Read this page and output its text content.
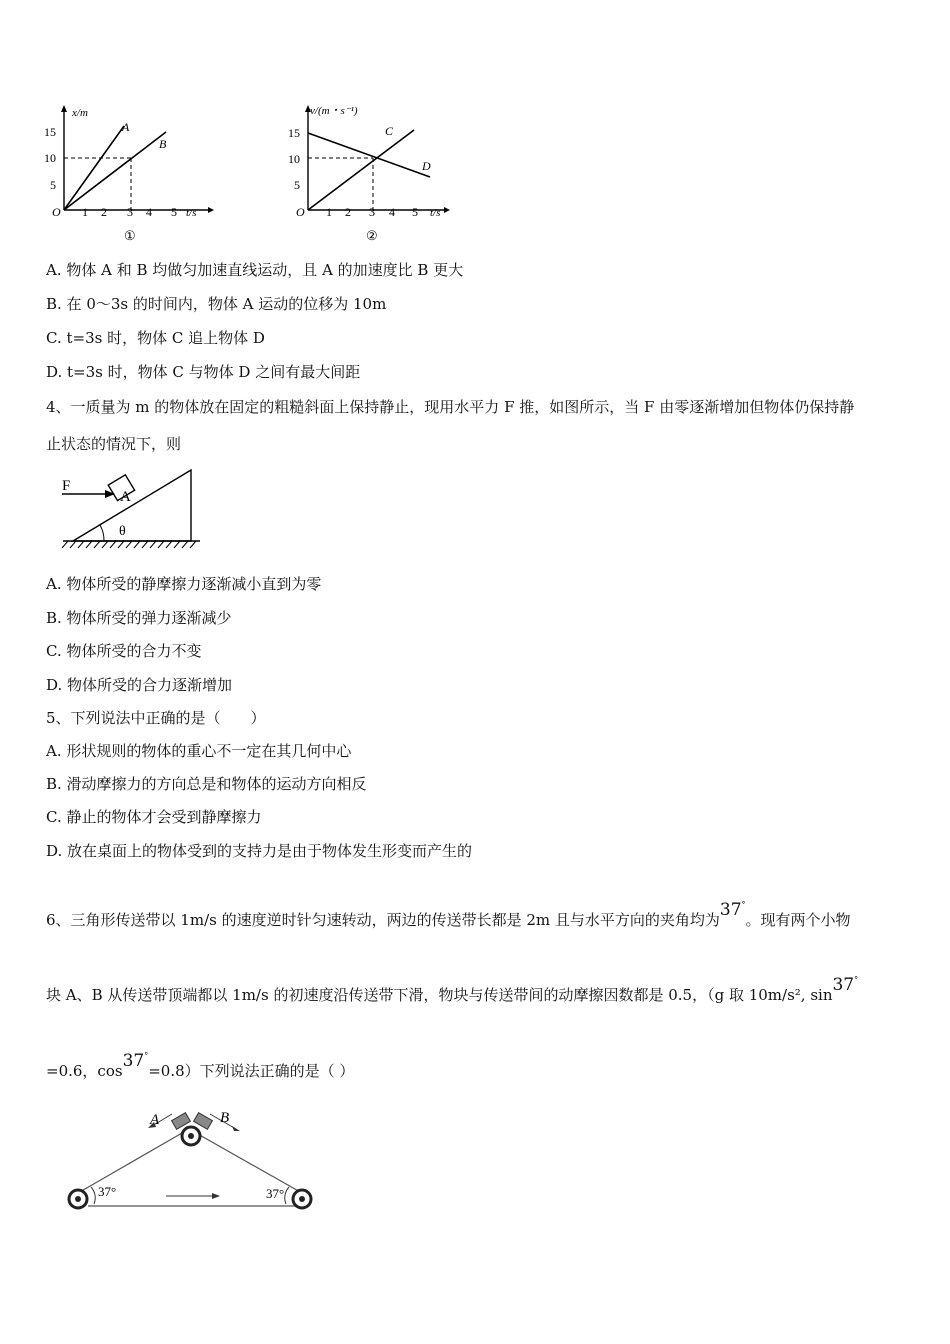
x/m
t/s
O
15
10
5
1 2 3 4 5
A
B
①
v/(m・s⁻¹)
t/s
O
15
10
5
1 2 3 4 5
C
D
②
A. 物体 A 和 B 均做匀加速直线运动，且 A 的加速度比 B 更大
B. 在 0～3s 的时间内，物体 A 运动的位移为 10m
C. t=3s 时，物体 C 追上物体 D
D. t=3s 时，物体 C 与物体 D 之间有最大间距
4、一质量为 m 的物体放在固定的粗糙斜面上保持静止，现用水平力 F 推，如图所示，当 F 由零逐渐增加但物体仍保持静
止状态的情况下，则
A
F
θ
A. 物体所受的静摩擦力逐渐减小直到为零
B. 物体所受的弹力逐渐减少
C. 物体所受的合力不变
D. 物体所受的合力逐渐增加
5、下列说法中正确的是（　　）
A. 形状规则的物体的重心不一定在其几何中心
B. 滑动摩擦力的方向总是和物体的运动方向相反
C. 静止的物体才会受到静摩擦力
D. 放在桌面上的物体受到的支持力是由于物体发生形变而产生的
6、三角形传送带以 1m/s 的速度逆时针匀速转动，两边的传送带长都是 2m 且与水平方向的夹角均为37°。现有两个小物
块 A、B 从传送带顶端都以 1m/s 的初速度沿传送带下滑，物块与传送带间的动摩擦因数都是 0.5，（g 取 10m/s², sin37°
=0.6，cos37°=0.8）下列说法正确的是（ ）
A	B
37°	37°
